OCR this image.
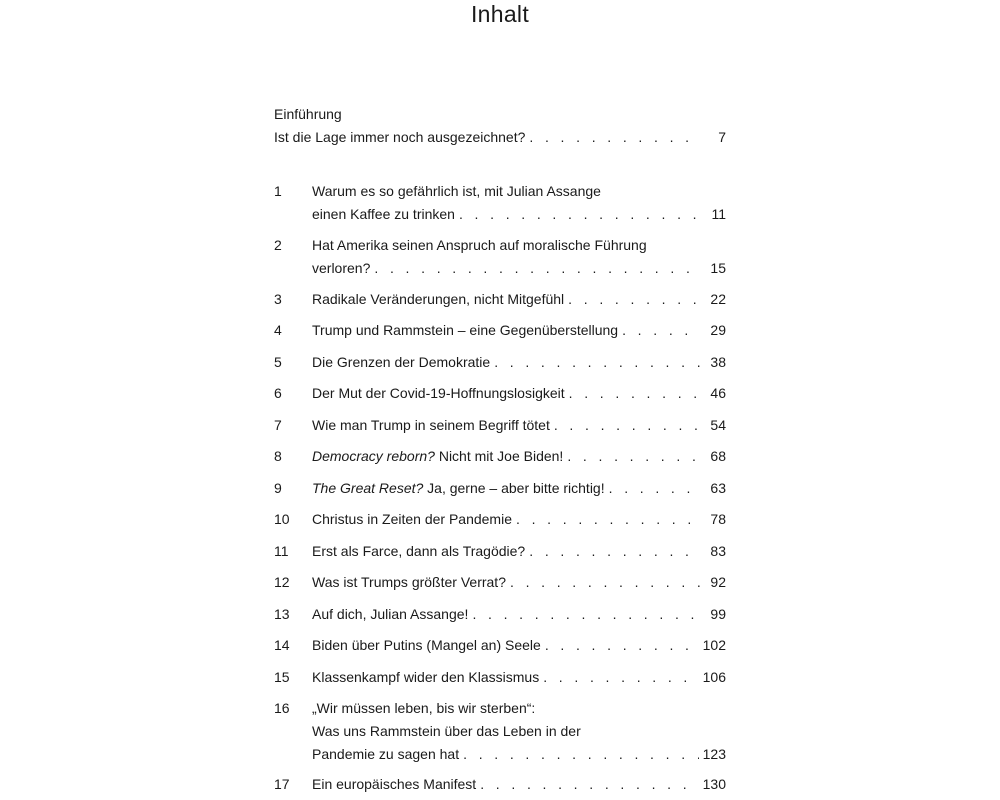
Inhalt
Einführung
Ist die Lage immer noch ausgezeichnet? . . .	7
1	Warum es so gefährlich ist, mit Julian Assange
einen Kaffee zu trinken . . .	11
2	Hat Amerika seinen Anspruch auf moralische Führung
verloren? . . .	15
3	Radikale Veränderungen, nicht Mitgefühl . . .	22
4	Trump und Rammstein – eine Gegenüberstellung . . .	29
5	Die Grenzen der Demokratie . . .	38
6	Der Mut der Covid-19-Hoffnungslosigkeit . . .	46
7	Wie man Trump in seinem Begriff tötet . . .	54
8	Democracy reborn? Nicht mit Joe Biden! . . .	68
9	The Great Reset? Ja, gerne – aber bitte richtig! . . .	63
10	Christus in Zeiten der Pandemie . . .	78
11	Erst als Farce, dann als Tragödie? . . .	83
12	Was ist Trumps größter Verrat? . . .	92
13	Auf dich, Julian Assange! . . .	99
14	Biden über Putins (Mangel an) Seele . . .	102
15	Klassenkampf wider den Klassismus . . .	106
16	„Wir müssen leben, bis wir sterben“:
Was uns Rammstein über das Leben in der
Pandemie zu sagen hat . . .	123
17	Ein europäisches Manifest . . .	130
